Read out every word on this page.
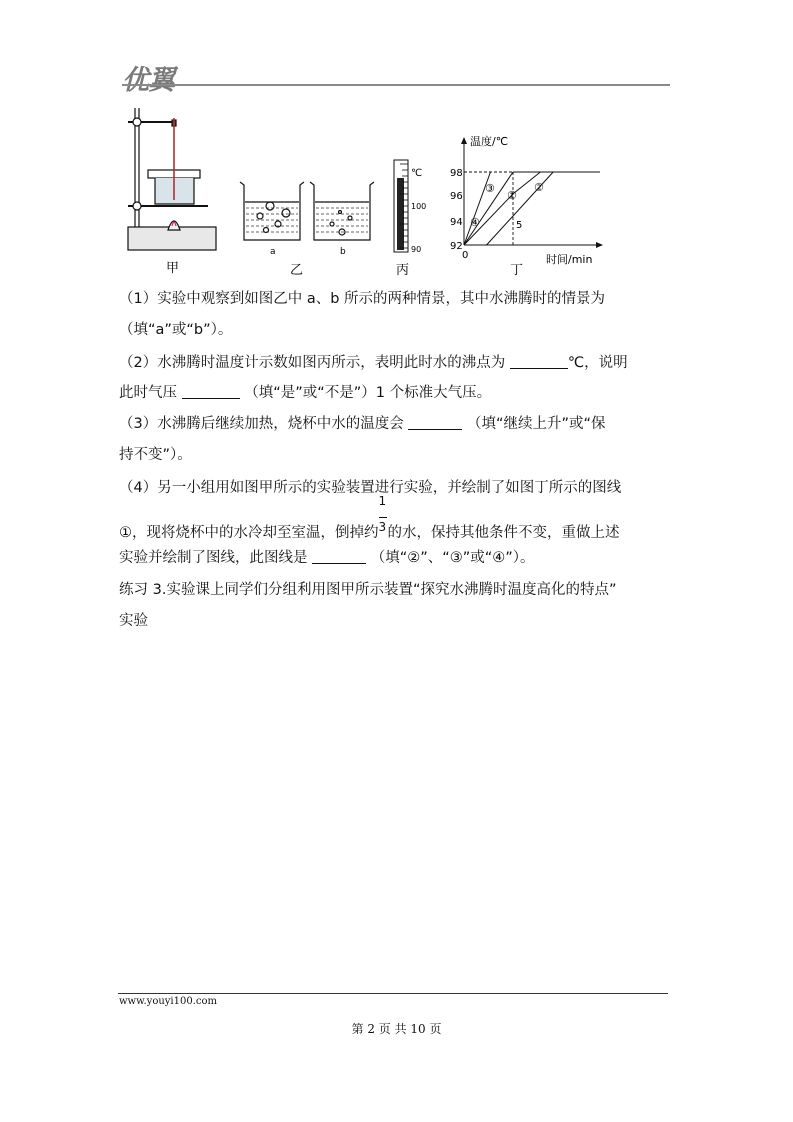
优翼
a	b
℃
100
90
温度/℃
时间/min
98
96
94
92
0
5
③
①
②
④
甲	乙	丙	丁
（1）实验中观察到如图乙中 a、b 所示的两种情景，其中水沸腾时的情景为
（填“a”或“b”）。
（2）水沸腾时温度计示数如图丙所示，表明此时水的沸点为	℃，说明
此时气压	（填“是”或“不是”）1 个标准大气压。
（3）水沸腾后继续加热，烧杯中水的温度会	（填“继续上升”或“保
持不变”）。
（4）另一小组用如图甲所示的实验装置进行实验，并绘制了如图丁所示的图线
①，现将烧杯中的水冷却至室温，倒掉约 $\frac{1}{3}$ 的水，保持其他条件不变，重做上述
实验并绘制了图线，此图线是	（填“②”、“③”或“④”）。
练习 3.实验课上同学们分组利用图甲所示装置“探究水沸腾时温度高化的特点”
实验
www.youyi100.com
第 2 页 共 10 页
